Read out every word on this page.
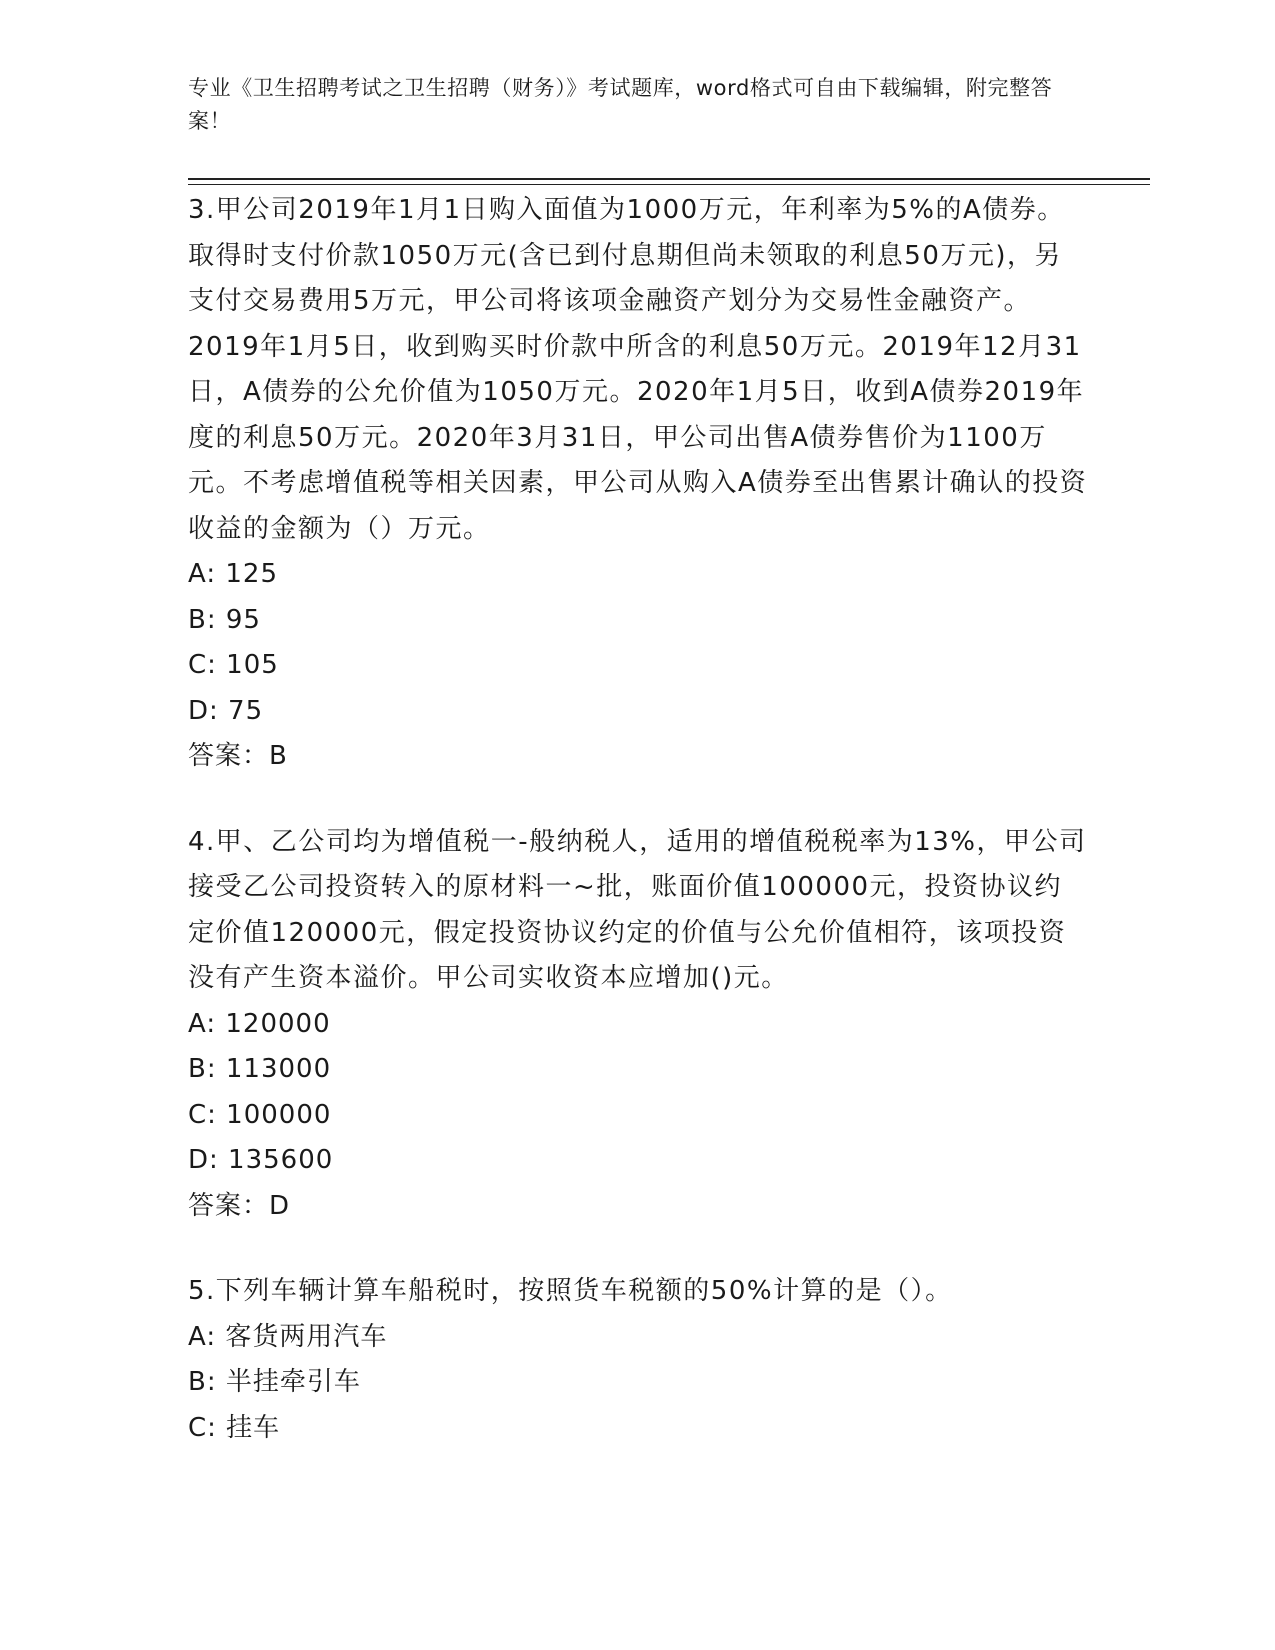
专业《卫生招聘考试之卫生招聘（财务）》考试题库，word格式可自由下载编辑，附完整答案！

3.甲公司2019年1月1日购入面值为1000万元，年利率为5%的A债券。取得时支付价款1050万元(含已到付息期但尚未领取的利息50万元)，另支付交易费用5万元，甲公司将该项金融资产划分为交易性金融资产。2019年1月5日，收到购买时价款中所含的利息50万元。2019年12月31日，A债券的公允价值为1050万元。2020年1月5日，收到A债券2019年度的利息50万元。2020年3月31日，甲公司出售A债券售价为1100万元。不考虑增值税等相关因素，甲公司从购入A债券至出售累计确认的投资收益的金额为（）万元。

A: 125

B: 95

C: 105

D: 75

答案：B

4.甲、乙公司均为增值税一-般纳税人，适用的增值税税率为13%，甲公司接受乙公司投资转入的原材料一~批，账面价值100000元，投资协议约定价值120000元，假定投资协议约定的价值与公允价值相符，该项投资没有产生资本溢价。甲公司实收资本应增加()元。

A: 120000

B: 113000

C: 100000

D: 135600

答案：D

5.下列车辆计算车船税时，按照货车税额的50%计算的是（）。

A: 客货两用汽车

B: 半挂牵引车

C: 挂车
